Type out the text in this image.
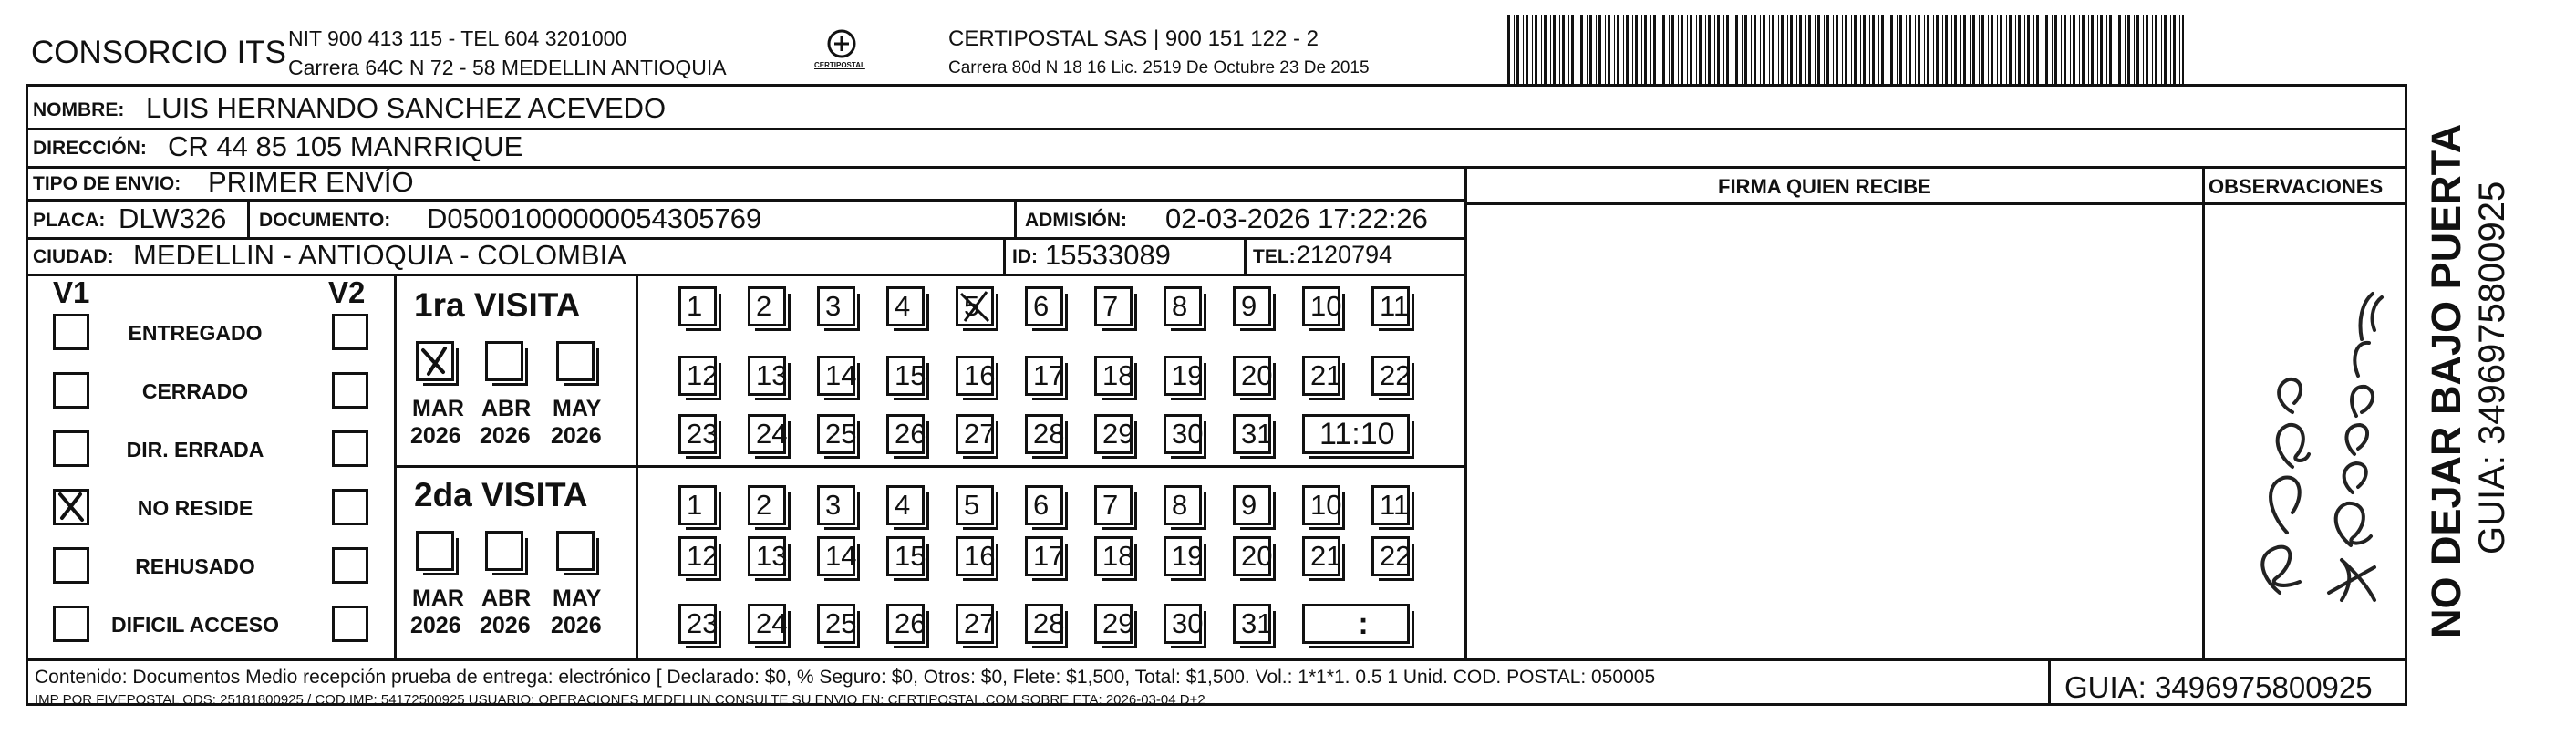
CONSORCIO ITS NIT 900 413 115 - TEL 604 3201000
Carrera 64C N 72 - 58 MEDELLIN ANTIOQUIA	CERTIPOSTAL
CERTIPOSTAL SAS | 900 151 122 - 2
Carrera 80d N 18 16 Lic. 2519 De Octubre 23 De 2015
NOMBRE: LUIS HERNANDO SANCHEZ ACEVEDO
DIRECCIÓN: CR 44 85 105 MANRRIQUE
TIPO DE ENVIO: PRIMER ENVÍO
PLACA: DLW326 DOCUMENTO: D05001000000054305769	ADMISIÓN: 02-03-2026 17:22:26
CIUDAD: MEDELLIN - ANTIOQUIA - COLOMBIA	ID: 15533089	TEL: 2120794
FIRMA QUIEN RECIBE	OBSERVACIONES
V1	V2
ENTREGADO
CERRADO
DIR. ERRADA
NO RESIDE
REHUSADO
DIFICIL ACCESO
1ra VISITA
2da VISITA
MAR
2026
ABR
2026
MAY
2026
MAR
2026
ABR
2026
MAY
2026
1	2	3	4	5	6	7	8	9	10 11
12 13 14 15 16 17 18 19 20 21 22
23 24 25 26 27 28 29 30 31	11:10
1	2	3	4	5	6	7	8	9	10 11
12 13 14 15 16 17 18 19 20 21 22
23 24 25 26 27 28 29 30 31	:
Contenido: Documentos Medio recepción prueba de entrega: electrónico [ Declarado: $0, % Seguro: $0, Otros: $0, Flete: $1,500, Total: $1,500. Vol.: 1*1*1. 0.5 1 Unid. COD. POSTAL: 050005
IMP POR FIVEPOSTAL ODS: 25181800925 / COD.IMP: 54172500925 USUARIO: OPERACIONES MEDELLIN CONSULTE SU ENVIO EN: CERTIPOSTAL.COM SOBRE ETA: 2026-03-04 D+2	GUIA: 3496975800925
NO DEJAR BAJO PUERTA GUIA: 3496975800925
